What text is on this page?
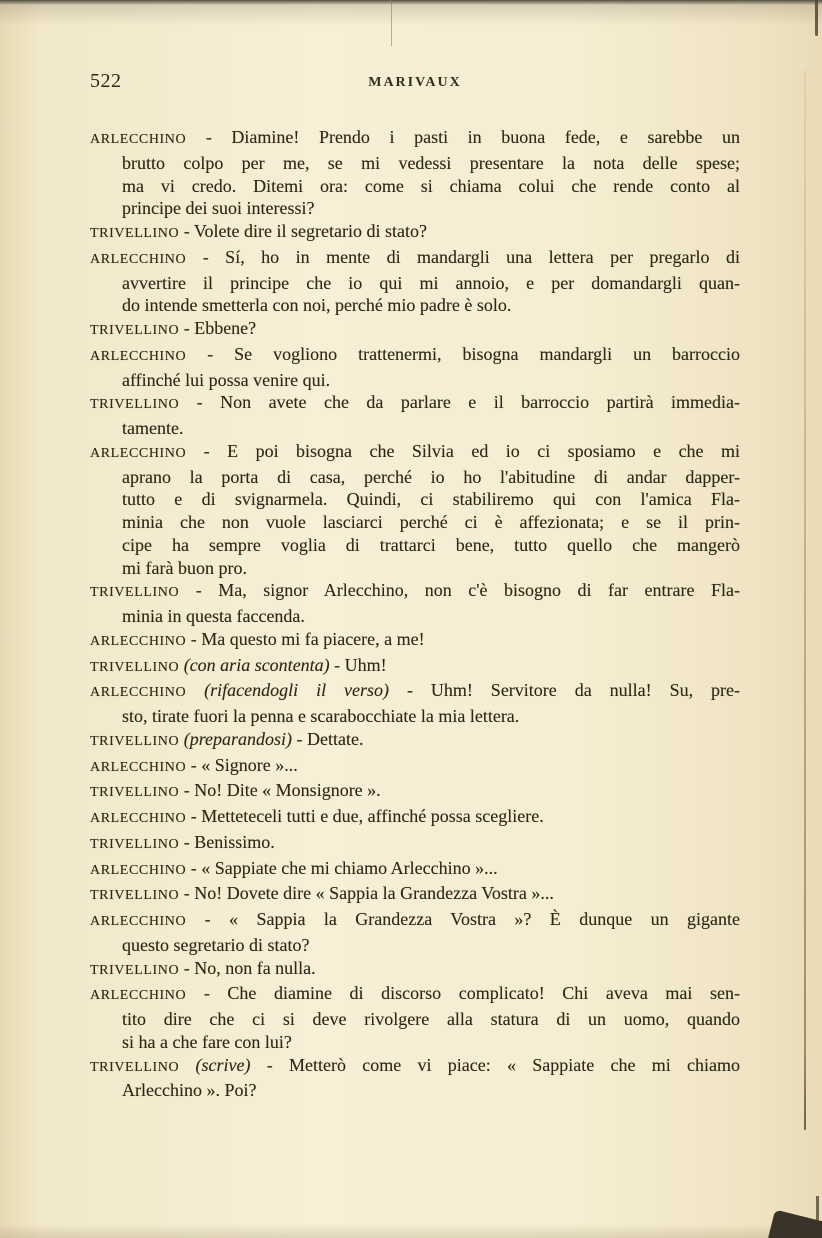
522	MARIVAUX
ARLECCHINO - Diamine! Prendo i pasti in buona fede, e sarebbe un
brutto colpo per me, se mi vedessi presentare la nota delle spese;
ma vi credo. Ditemi ora: come si chiama colui che rende conto al
principe dei suoi interessi?
TRIVELLINO - Volete dire il segretario di stato?
ARLECCHINO - Sí, ho in mente di mandargli una lettera per pregarlo di
avvertire il principe che io qui mi annoio, e per domandargli quan-
do intende smetterla con noi, perché mio padre è solo.
TRIVELLINO - Ebbene?
ARLECCHINO - Se vogliono trattenermi, bisogna mandargli un barroccio
affinché lui possa venire qui.
TRIVELLINO - Non avete che da parlare e il barroccio partirà immedia-
tamente.
ARLECCHINO - E poi bisogna che Silvia ed io ci sposiamo e che mi
aprano la porta di casa, perché io ho l'abitudine di andar dapper-
tutto e di svignarmela. Quindi, ci stabiliremo qui con l'amica Fla-
minia che non vuole lasciarci perché ci è affezionata; e se il prin-
cipe ha sempre voglia di trattarci bene, tutto quello che mangerò
mi farà buon pro.
TRIVELLINO - Ma, signor Arlecchino, non c'è bisogno di far entrare Fla-
minia in questa faccenda.
ARLECCHINO - Ma questo mi fa piacere, a me!
TRIVELLINO (con aria scontenta) - Uhm!
ARLECCHINO (rifacendogli il verso) - Uhm! Servitore da nulla! Su, pre-
sto, tirate fuori la penna e scarabocchiate la mia lettera.
TRIVELLINO (preparandosi) - Dettate.
ARLECCHINO - « Signore »...
TRIVELLINO - No! Dite « Monsignore ».
ARLECCHINO - Metteteceli tutti e due, affinché possa scegliere.
TRIVELLINO - Benissimo.
ARLECCHINO - « Sappiate che mi chiamo Arlecchino »...
TRIVELLINO - No! Dovete dire « Sappia la Grandezza Vostra »...
ARLECCHINO - « Sappia la Grandezza Vostra »? È dunque un gigante
questo segretario di stato?
TRIVELLINO - No, non fa nulla.
ARLECCHINO - Che diamine di discorso complicato! Chi aveva mai sen-
tito dire che ci si deve rivolgere alla statura di un uomo, quando
si ha a che fare con lui?
TRIVELLINO (scrive) - Metterò come vi piace: « Sappiate che mi chiamo
Arlecchino ». Poi?
